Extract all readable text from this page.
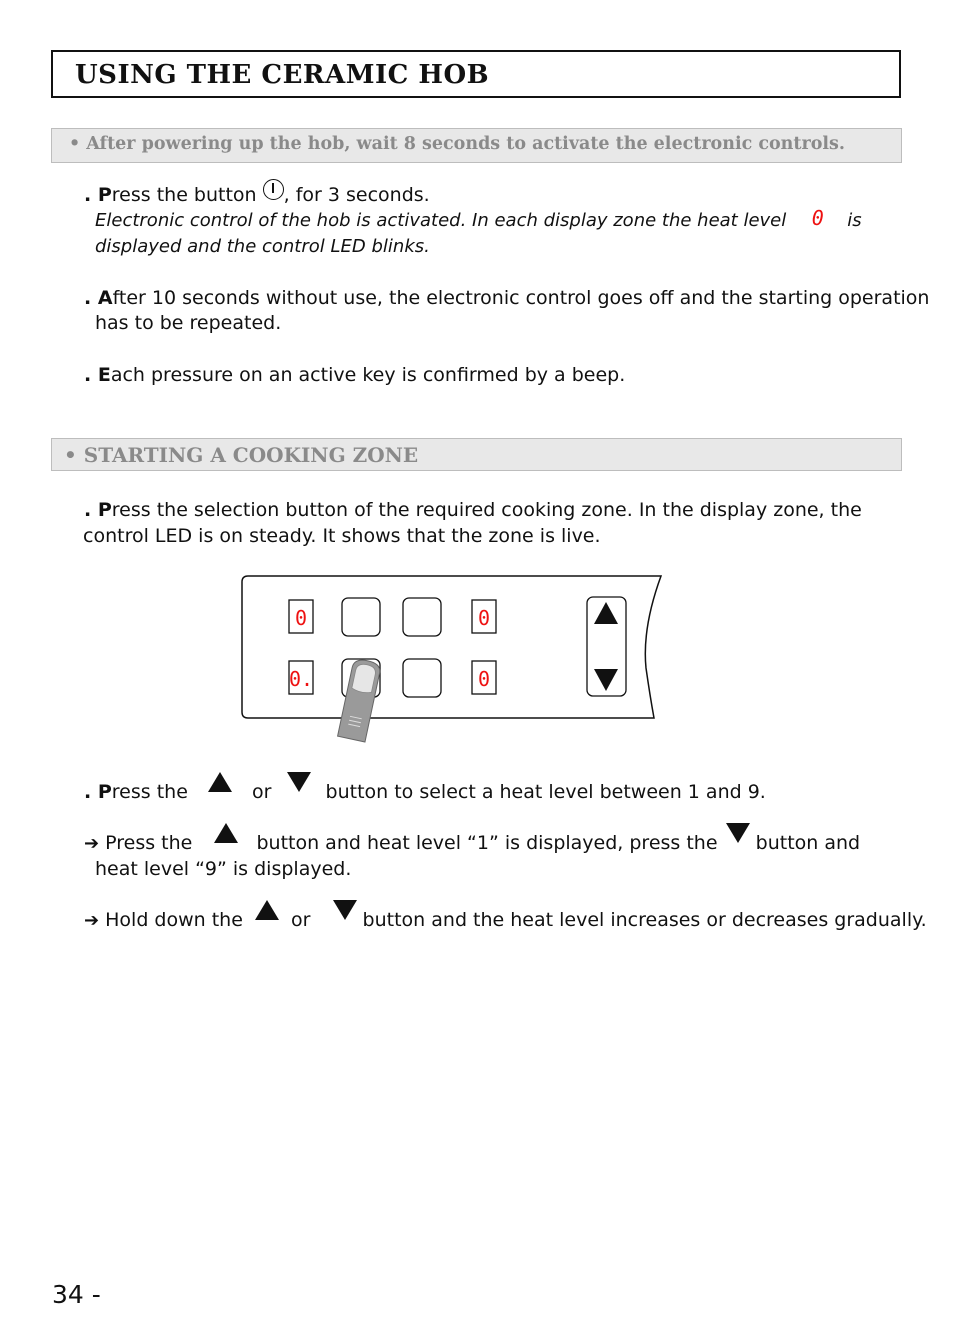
USING THE CERAMIC HOB
• After powering up the hob, wait 8 seconds to activate the electronic controls.
. Press the button , for 3 seconds.
Electronic control of the hob is activated. In each display zone the heat level 0 is
displayed and the control LED blinks.
. After 10 seconds without use, the electronic control goes off and the starting operation
has to be repeated.
. Each pressure on an active key is confirmed by a beep.
• STARTING A COOKING ZONE
. Press the selection button of the required cooking zone. In the display zone, the
control LED is on steady. It shows that the zone is live.
0
0.
0
0
. Press the	or	button to select a heat level between 1 and 9.
➔ Press the	button and heat level “1” is displayed, press the button and
heat level “9” is displayed.
➔ Hold down the	or	button and the heat level increases or decreases gradually.
34 -
